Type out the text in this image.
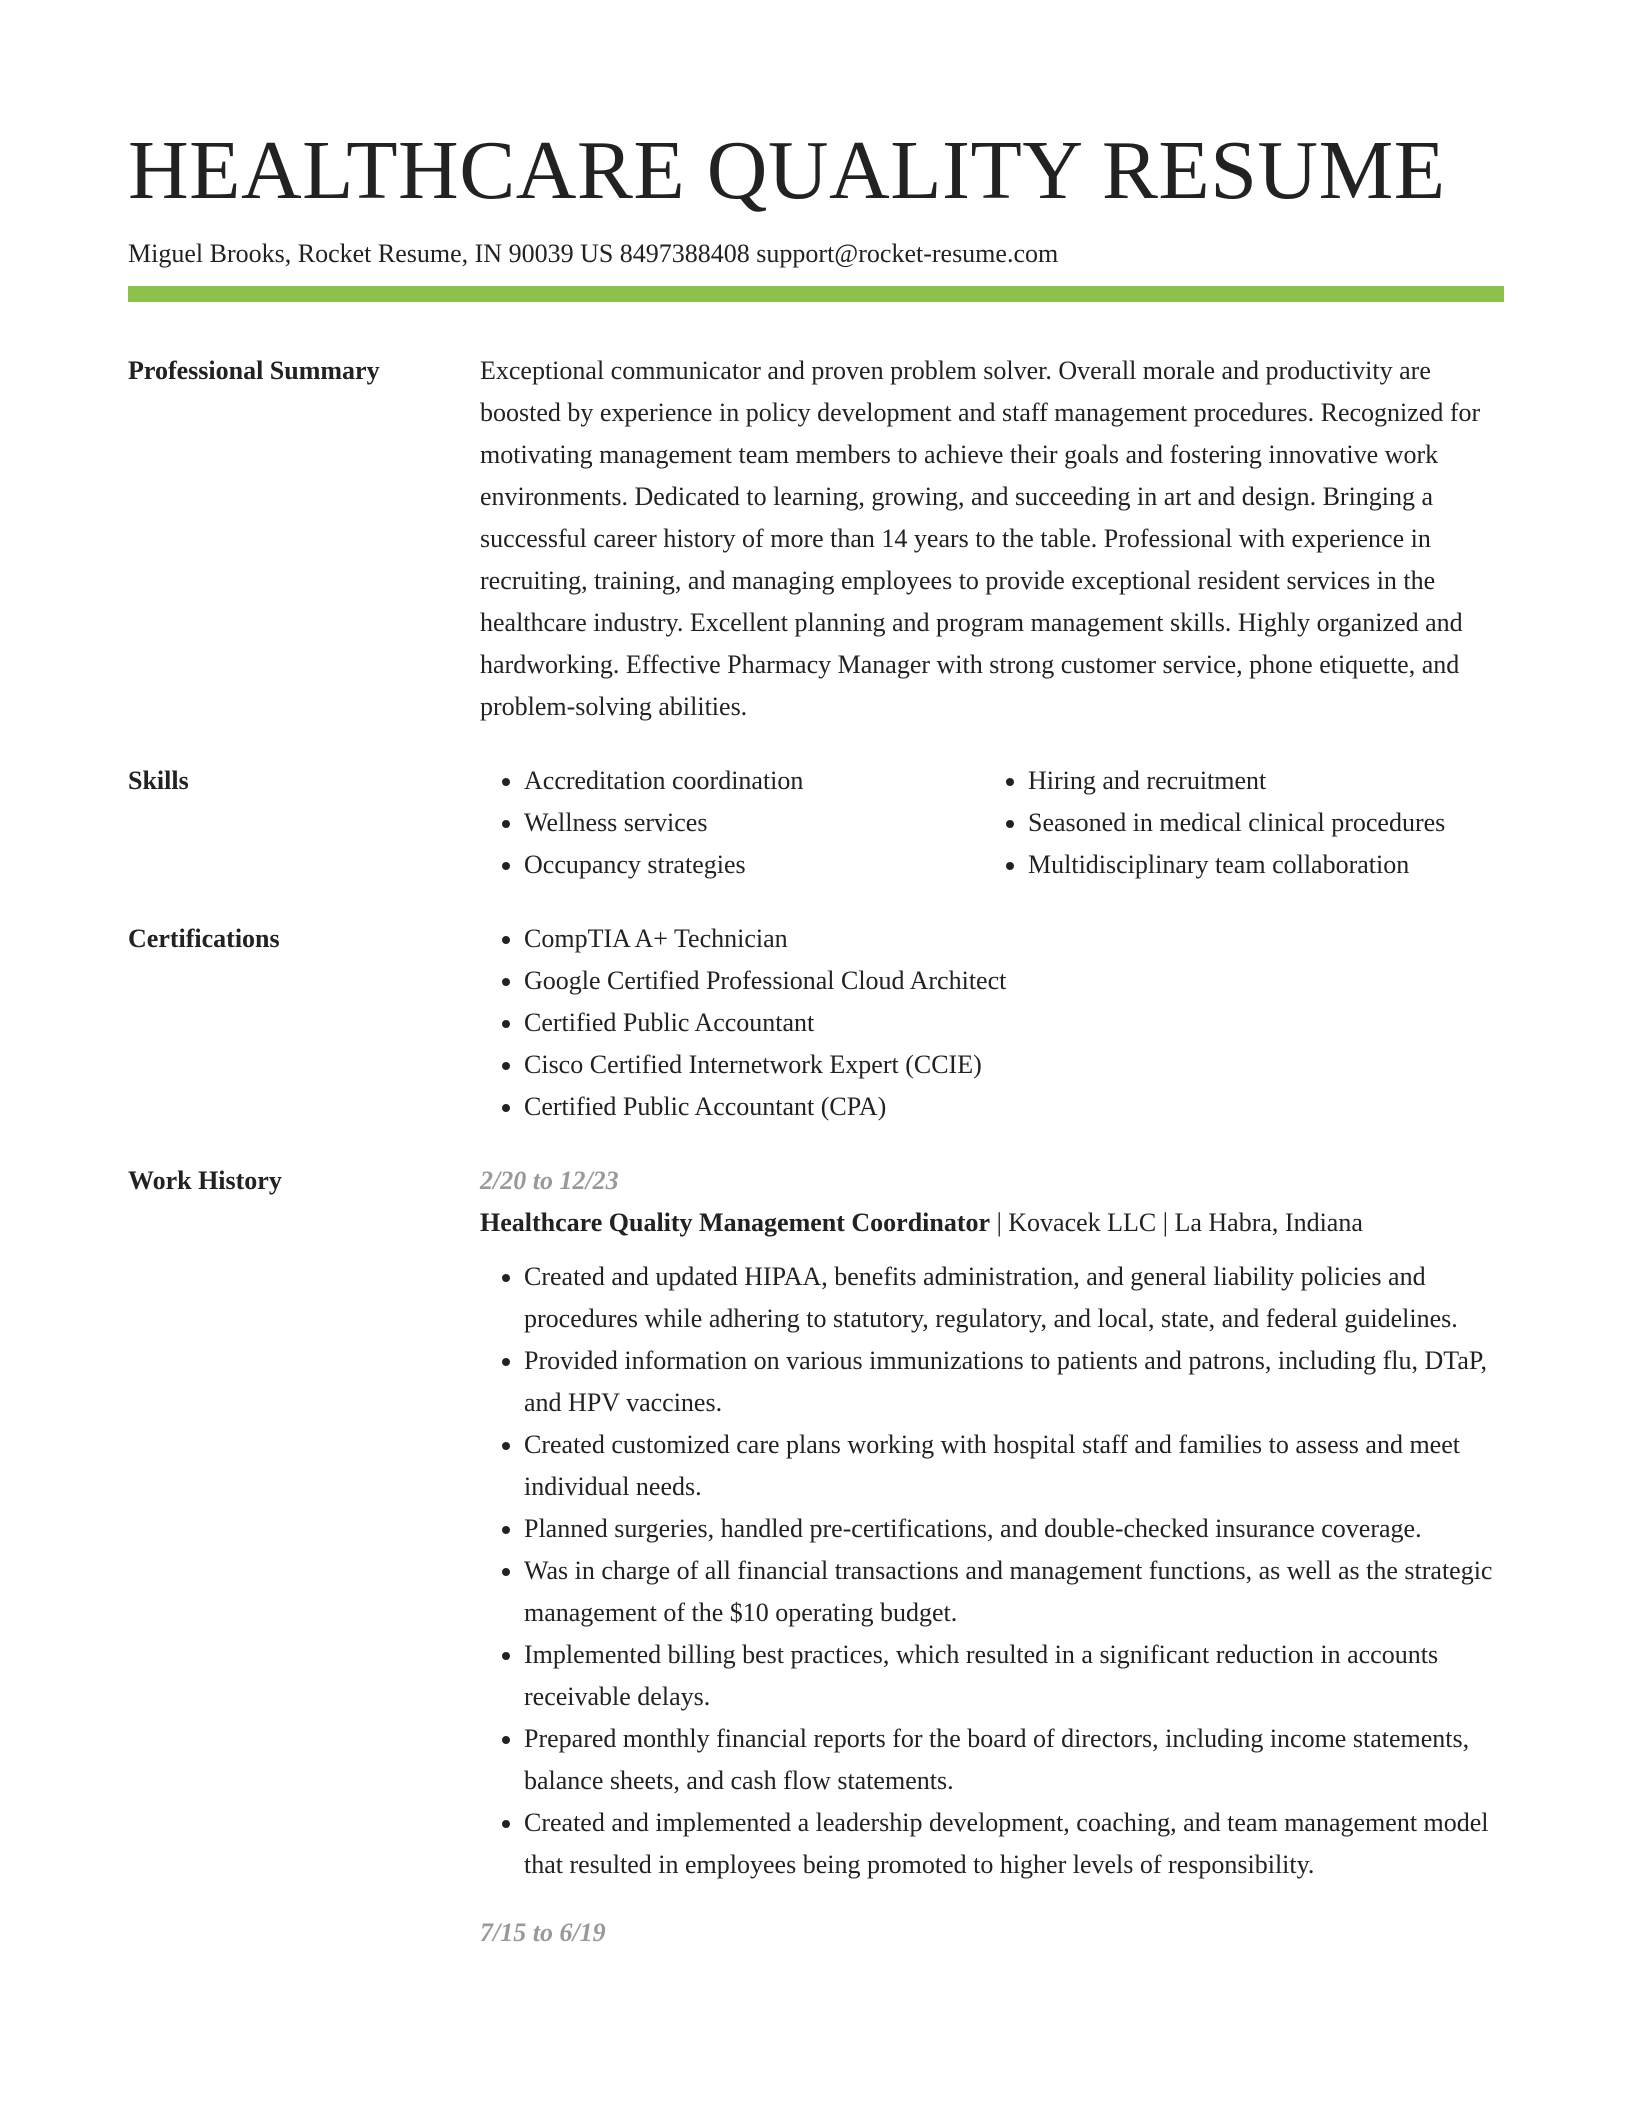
HEALTHCARE QUALITY RESUME
Miguel Brooks, Rocket Resume, IN 90039 US 8497388408 support@rocket-resume.com
Professional Summary	Exceptional communicator and proven problem solver. Overall morale and productivity are boosted by experience in policy development and staff management procedures. Recognized for motivating management team members to achieve their goals and fostering innovative work environments. Dedicated to learning, growing, and succeeding in art and design. Bringing a successful career history of more than 14 years to the table. Professional with experience in recruiting, training, and managing employees to provide exceptional resident services in the healthcare industry. Excellent planning and program management skills. Highly organized and hardworking. Effective Pharmacy Manager with strong customer service, phone etiquette, and problem-solving abilities.

Skills	• Accreditation coordination
• Wellness services
• Occupancy strategies
• Hiring and recruitment
• Seasoned in medical clinical procedures
• Multidisciplinary team collaboration
Certifications	• CompTIA A+ Technician
• Google Certified Professional Cloud Architect
• Certified Public Accountant
• Cisco Certified Internetwork Expert (CCIE)
• Certified Public Accountant (CPA)
Work History	2/20 to 12/23
Healthcare Quality Management Coordinator | Kovacek LLC | La Habra, Indiana
• Created and updated HIPAA, benefits administration, and general liability policies and procedures while adhering to statutory, regulatory, and local, state, and federal guidelines.
• Provided information on various immunizations to patients and patrons, including flu, DTaP, and HPV vaccines.
• Created customized care plans working with hospital staff and families to assess and meet individual needs.
• Planned surgeries, handled pre-certifications, and double-checked insurance coverage.
• Was in charge of all financial transactions and management functions, as well as the strategic management of the $10 operating budget.
• Implemented billing best practices, which resulted in a significant reduction in accounts receivable delays.
• Prepared monthly financial reports for the board of directors, including income statements, balance sheets, and cash flow statements.
• Created and implemented a leadership development, coaching, and team management model that resulted in employees being promoted to higher levels of responsibility.
7/15 to 6/19
